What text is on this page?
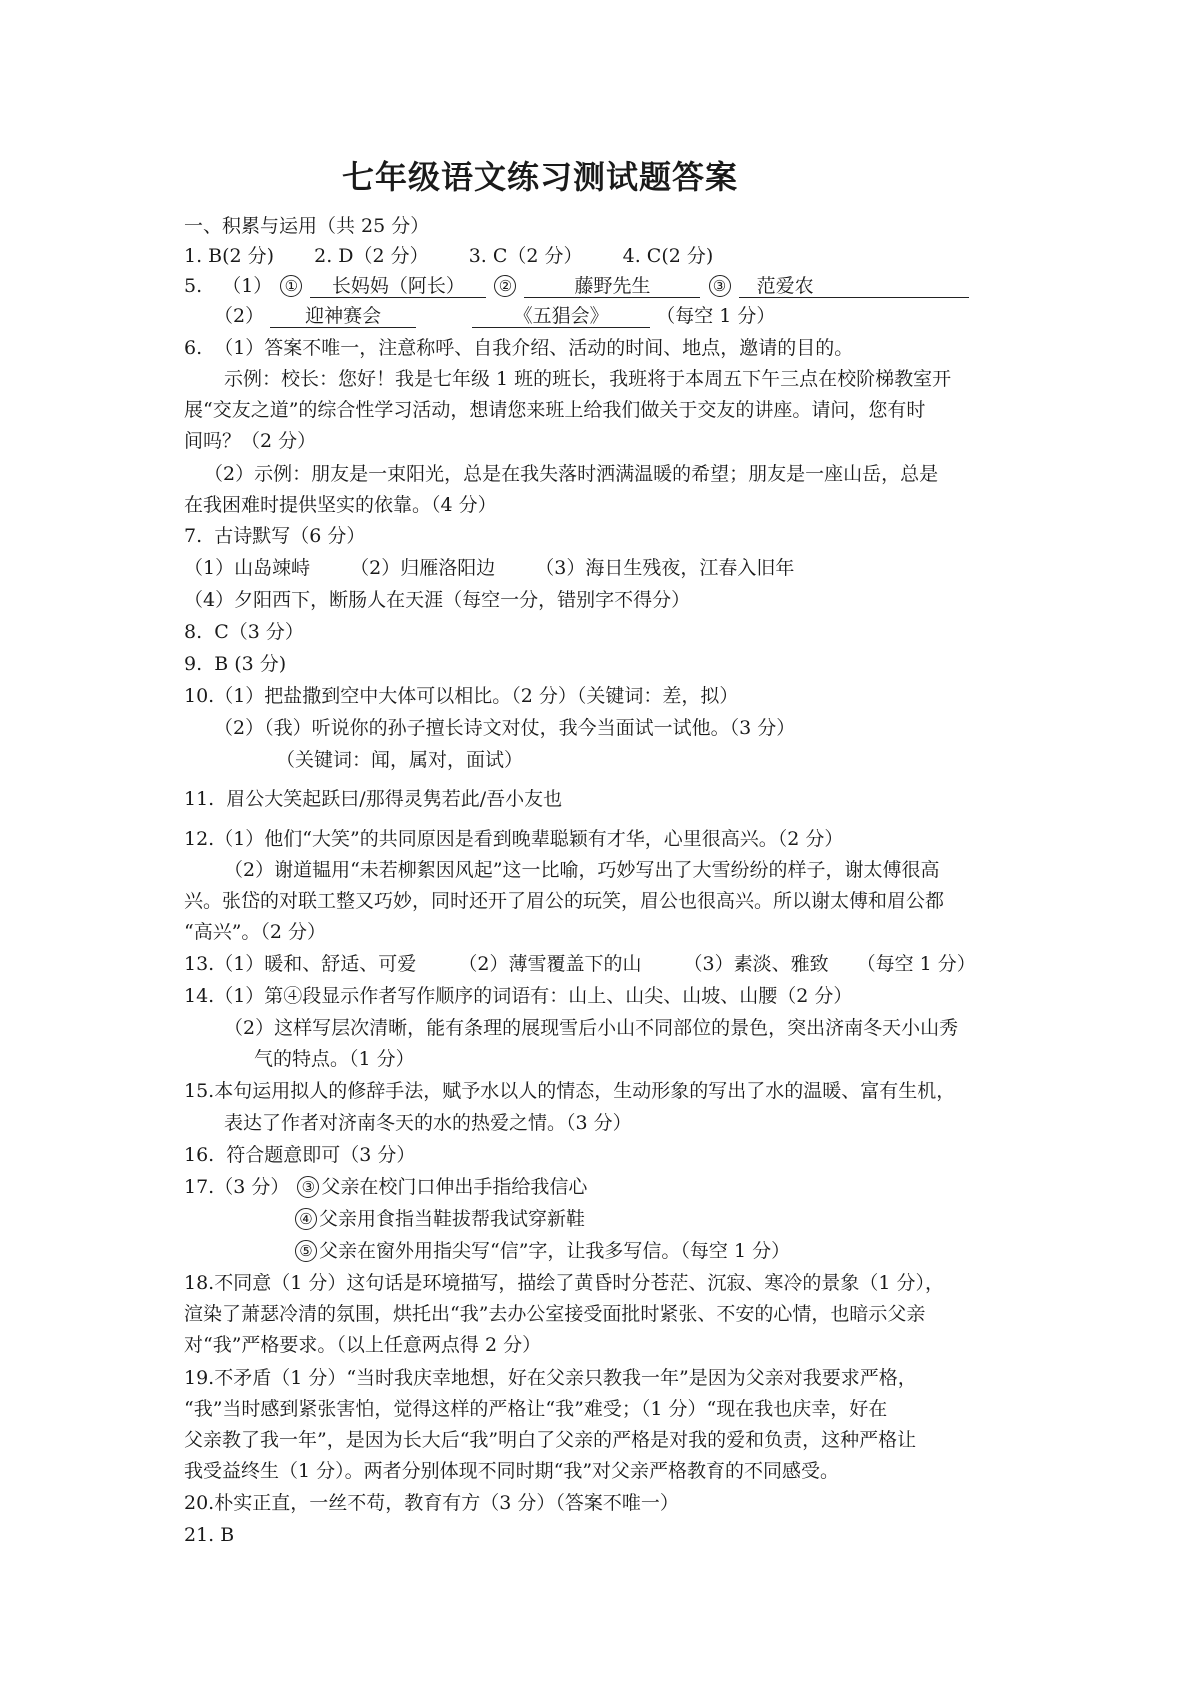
七年级语文练习测试题答案
一、积累与运用（共 25 分）
1. B(2 分) 2. D（2 分） 3. C（2 分） 4. C(2 分)
5. （1） ① 长妈妈（阿长） ②	藤野先生	③ 范爱农
（2） 迎神赛会	《五猖会》	（每空 1 分）
6.  （1）答案不唯一，注意称呼、自我介绍、活动的时间、地点，邀请的目的。
示例：校长：您好！我是七年级 1 班的班长，我班将于本周五下午三点在校阶梯教室开
展“交友之道”的综合性学习活动，想请您来班上给我们做关于交友的讲座。请问，您有时
间吗？（2 分）
（2）示例：朋友是一束阳光，总是在我失落时洒满温暖的希望；朋友是一座山岳，总是
在我困难时提供坚实的依靠。（4 分）
7.  古诗默写（6 分）
（1）山岛竦峙 （2）归雁洛阳边 （3）海日生残夜，江春入旧年
（4）夕阳西下，断肠人在天涯（每空一分，错别字不得分）
8.  C（3 分）
9.  B (3 分)
10.（1）把盐撒到空中大体可以相比。（2 分）（关键词：差，拟）
（2）（我）听说你的孙子擅长诗文对仗，我今当面试一试他。（3 分）
（关键词：闻，属对，面试）
11.  眉公大笑起跃曰/那得灵隽若此/吾小友也
12.（1）他们“大笑”的共同原因是看到晚辈聪颖有才华，心里很高兴。（2 分）
（2）谢道韫用“未若柳絮因风起”这一比喻，巧妙写出了大雪纷纷的样子，谢太傅很高
兴。张岱的对联工整又巧妙，同时还开了眉公的玩笑，眉公也很高兴。所以谢太傅和眉公都
“高兴”。（2 分）
13.（1）暖和、舒适、可爱 （2）薄雪覆盖下的山 （3）素淡、雅致 （每空 1 分）
14.（1）第④段显示作者写作顺序的词语有：山上、山尖、山坡、山腰（2 分）
（2）这样写层次清晰，能有条理的展现雪后小山不同部位的景色，突出济南冬天小山秀
气的特点。（1 分）
15.本句运用拟人的修辞手法，赋予水以人的情态，生动形象的写出了水的温暖、富有生机，
表达了作者对济南冬天的水的热爱之情。（3 分）
16.  符合题意即可（3 分）
17.（3 分） ③ 父亲在校门口伸出手指给我信心
④ 父亲用食指当鞋拔帮我试穿新鞋
⑤ 父亲在窗外用指尖写“信”字，让我多写信。（每空 1 分）
18.不同意（1 分）这句话是环境描写，描绘了黄昏时分苍茫、沉寂、寒冷的景象（1 分），
渲染了萧瑟冷清的氛围，烘托出“我”去办公室接受面批时紧张、不安的心情，也暗示父亲
对“我”严格要求。（以上任意两点得 2 分）
19.不矛盾（1 分）“当时我庆幸地想，好在父亲只教我一年”是因为父亲对我要求严格，
“我”当时感到紧张害怕，觉得这样的严格让“我”难受；（1 分）“现在我也庆幸，好在
父亲教了我一年”，是因为长大后“我”明白了父亲的严格是对我的爱和负责，这种严格让
我受益终生（1 分）。两者分别体现不同时期“我”对父亲严格教育的不同感受。
20.朴实正直，一丝不苟，教育有方（3 分）（答案不唯一）
21. B
